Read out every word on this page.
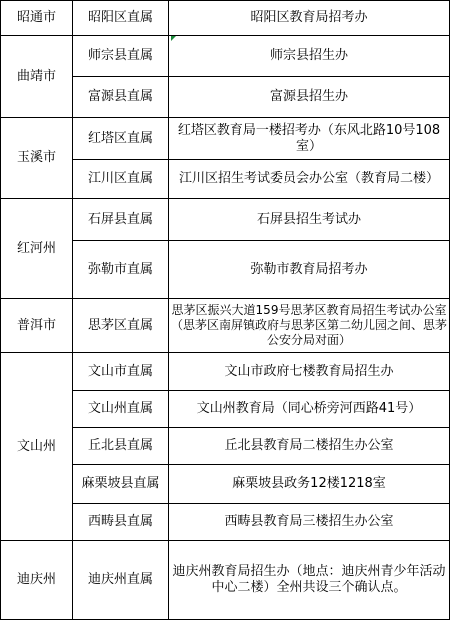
昭通市	昭阳区直属	昭阳区教育局招考办
曲靖市	师宗县直属	师宗县招生办
	富源县直属	富源县招生办
玉溪市	红塔区直属	红塔区教育局一楼招考办（东风北路10号108室）
	江川区直属	江川区招生考试委员会办公室（教育局二楼）
红河州	石屏县直属	石屏县招生考试办
	弥勒市直属	弥勒市教育局招考办
普洱市	思茅区直属	思茅区振兴大道159号思茅区教育局招生考试办公室（思茅区南屏镇政府与思茅区第二幼儿园之间、思茅公安分局对面）
文山州	文山市直属	文山市政府七楼教育局招生办
	文山州直属	文山州教育局（同心桥旁河西路41号）
	丘北县直属	丘北县教育局二楼招生办公室
	麻栗坡县直属	麻栗坡县政务12楼1218室
	西畴县直属	西畴县教育局三楼招生办公室
迪庆州	迪庆州直属	迪庆州教育局招生办（地点：迪庆州青少年活动中心二楼）全州共设三个确认点。
